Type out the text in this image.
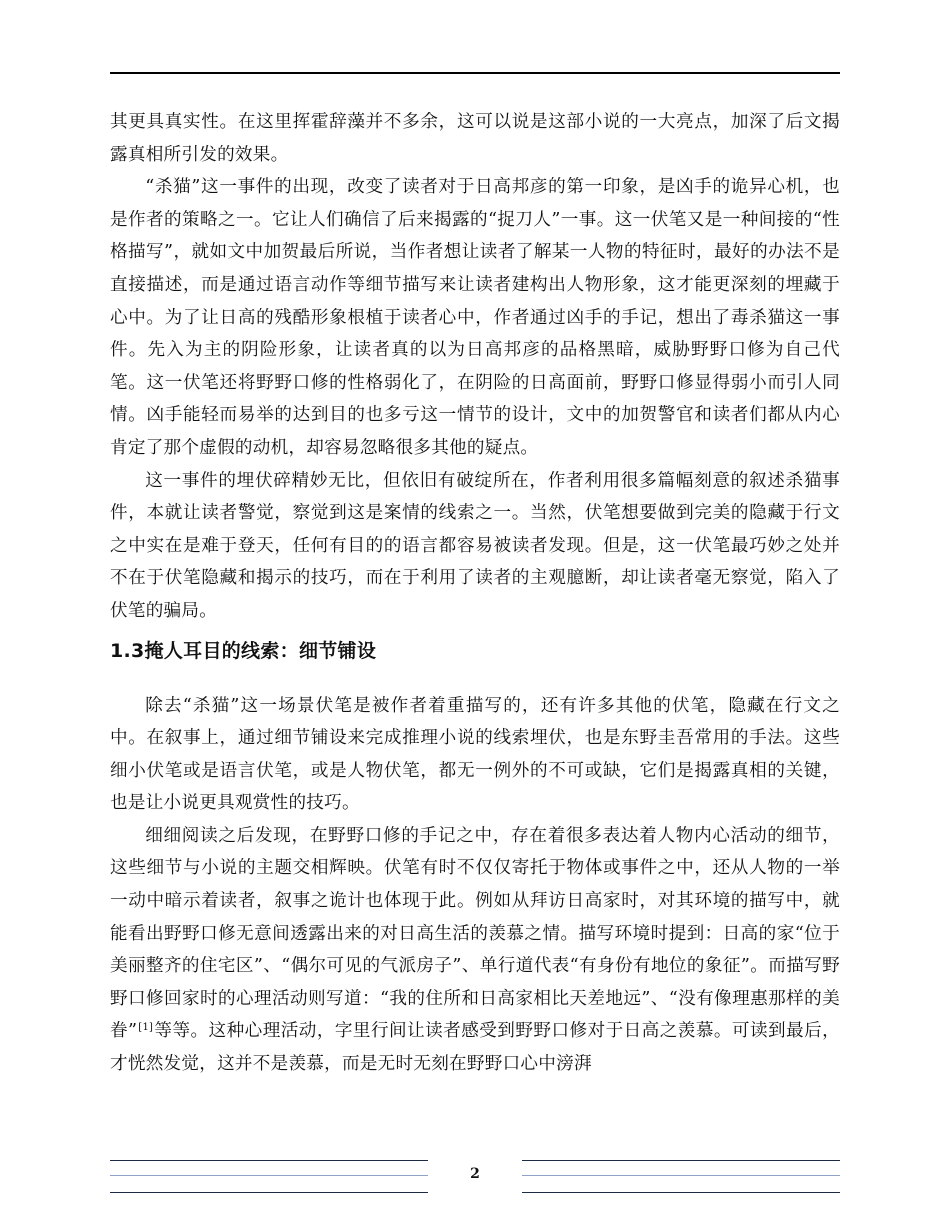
其更具真实性。在这里挥霍辞藻并不多余，这可以说是这部小说的一大亮点，加深了后文揭露真相所引发的效果。

“杀猫”这一事件的出现，改变了读者对于日高邦彦的第一印象，是凶手的诡异心机，也是作者的策略之一。它让人们确信了后来揭露的“捉刀人”一事。这一伏笔又是一种间接的“性格描写”，就如文中加贺最后所说，当作者想让读者了解某一人物的特征时，最好的办法不是直接描述，而是通过语言动作等细节描写来让读者建构出人物形象，这才能更深刻的埋藏于心中。为了让日高的残酷形象根植于读者心中，作者通过凶手的手记，想出了毒杀猫这一事件。先入为主的阴险形象，让读者真的以为日高邦彦的品格黑暗，威胁野野口修为自己代笔。这一伏笔还将野野口修的性格弱化了，在阴险的日高面前，野野口修显得弱小而引人同情。凶手能轻而易举的达到目的也多亏这一情节的设计，文中的加贺警官和读者们都从内心肯定了那个虚假的动机，却容易忽略很多其他的疑点。

这一事件的埋伏碎精妙无比，但依旧有破绽所在，作者利用很多篇幅刻意的叙述杀猫事件，本就让读者警觉，察觉到这是案情的线索之一。当然，伏笔想要做到完美的隐藏于行文之中实在是难于登天，任何有目的的语言都容易被读者发现。但是，这一伏笔最巧妙之处并不在于伏笔隐藏和揭示的技巧，而在于利用了读者的主观臆断，却让读者毫无察觉，陷入了伏笔的骗局。

1.3掩人耳目的线索：细节铺设

除去“杀猫”这一场景伏笔是被作者着重描写的，还有许多其他的伏笔，隐藏在行文之中。在叙事上，通过细节铺设来完成推理小说的线索埋伏，也是东野圭吾常用的手法。这些细小伏笔或是语言伏笔，或是人物伏笔，都无一例外的不可或缺，它们是揭露真相的关键，也是让小说更具观赏性的技巧。

细细阅读之后发现，在野野口修的手记之中，存在着很多表达着人物内心活动的细节，这些细节与小说的主题交相辉映。伏笔有时不仅仅寄托于物体或事件之中，还从人物的一举一动中暗示着读者，叙事之诡计也体现于此。例如从拜访日高家时，对其环境的描写中，就能看出野野口修无意间透露出来的对日高生活的羡慕之情。描写环境时提到：日高的家“位于美丽整齐的住宅区”、“偶尔可见的气派房子”、单行道代表“有身份有地位的象征”。而描写野野口修回家时的心理活动则写道：“我的住所和日高家相比天差地远”、“没有像理惠那样的美眷”[1]等等。这种心理活动，字里行间让读者感受到野野口修对于日高之羡慕。可读到最后，才恍然发觉，这并不是羡慕，而是无时无刻在野野口心中滂湃

2
